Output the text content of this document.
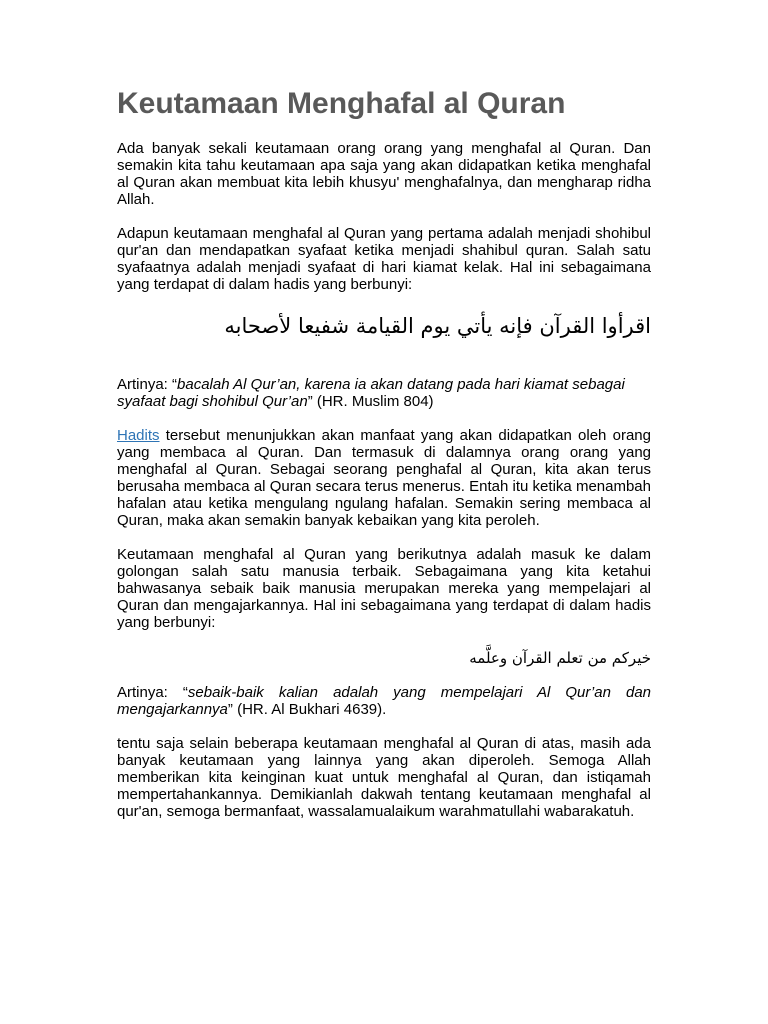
Keutamaan Menghafal al Quran

Ada banyak sekali keutamaan orang orang yang menghafal al Quran. Dan semakin kita tahu keutamaan apa saja yang akan didapatkan ketika menghafal al Quran akan membuat kita lebih khusyu' menghafalnya, dan mengharap ridha Allah.

Adapun keutamaan menghafal al Quran yang pertama adalah menjadi shohibul qur'an dan mendapatkan syafaat ketika menjadi shahibul quran. Salah satu syafaatnya adalah menjadi syafaat di hari kiamat kelak. Hal ini sebagaimana yang terdapat di dalam hadis yang berbunyi:

اقرأوا القرآن فإنه يأتي يوم القيامة شفيعا لأصحابه

Artinya: “bacalah Al Qur’an, karena ia akan datang pada hari kiamat sebagai syafaat bagi shohibul Qur’an” (HR. Muslim 804)

Hadits tersebut menunjukkan akan manfaat yang akan didapatkan oleh orang yang membaca al Quran. Dan termasuk di dalamnya orang orang yang menghafal al Quran. Sebagai seorang penghafal al Quran, kita akan terus berusaha membaca al Quran secara terus menerus. Entah itu ketika menambah hafalan atau ketika mengulang ngulang hafalan. Semakin sering membaca al Quran, maka akan semakin banyak kebaikan yang kita peroleh.

Keutamaan menghafal al Quran yang berikutnya adalah masuk ke dalam golongan salah satu manusia terbaik. Sebagaimana yang kita ketahui bahwasanya sebaik baik manusia merupakan mereka yang mempelajari al Quran dan mengajarkannya. Hal ini sebagaimana yang terdapat di dalam hadis yang berbunyi:

خيركم من تعلم القرآن وعلَّمه

Artinya: “sebaik-baik kalian adalah yang mempelajari Al Qur’an dan mengajarkannya” (HR. Al Bukhari 4639).

tentu saja selain beberapa keutamaan menghafal al Quran di atas, masih ada banyak keutamaan yang lainnya yang akan diperoleh. Semoga Allah memberikan kita keinginan kuat untuk menghafal al Quran, dan istiqamah mempertahankannya. Demikianlah dakwah tentang keutamaan menghafal al qur'an, semoga bermanfaat, wassalamualaikum warahmatullahi wabarakatuh.
